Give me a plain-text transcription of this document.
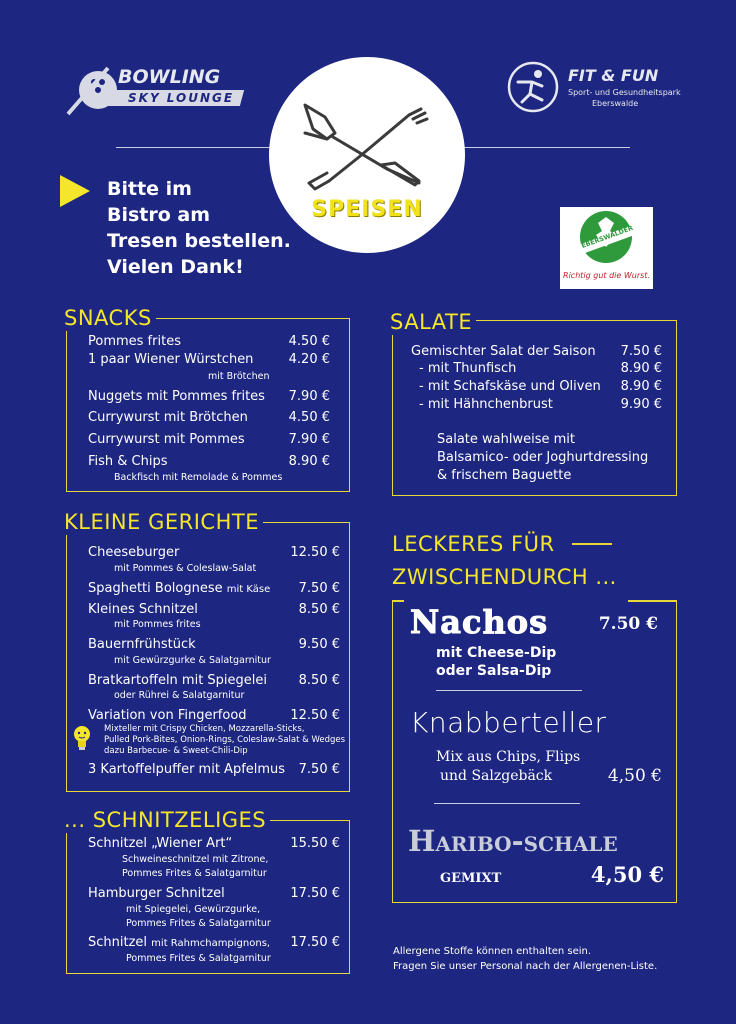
BOWLING
SKY LOUNGE
FIT & FUN
Sport- und Gesundheitspark
Eberswalde
SPEISEN
Bitte im
Bistro am
Tresen bestellen.
Vielen Dank!
EBERSWALDER
Richtig gut die Wurst.
SNACKS
Pommes frites	4.50 €
1 paar Wiener Würstchen	4.20 €
mit Brötchen
Nuggets mit Pommes frites	7.90 €
Currywurst mit Brötchen	4.50 €
Currywurst mit Pommes	7.90 €
Fish & Chips	8.90 €
Backfisch mit Remolade & Pommes
SALATE
Gemischter Salat der Saison	7.50 €
- mit Thunfisch	8.90 €
- mit Schafskäse und Oliven	8.90 €
- mit Hähnchenbrust	9.90 €
Salate wahlweise mit
Balsamico- oder Joghurtdressing
& frischem Baguette
KLEINE GERICHTE
Cheeseburger	12.50 €
mit Pommes & Coleslaw-Salat
Spaghetti Bolognese mit Käse	7.50 €
Kleines Schnitzel	8.50 €
mit Pommes frites
Bauernfrühstück	9.50 €
mit Gewürzgurke & Salatgarnitur
Bratkartoffeln mit Spiegelei	8.50 €
oder Rührei & Salatgarnitur
Variation von Fingerfood	12.50 €
Mixteller mit Crispy Chicken, Mozzarella-Sticks,
Pulled Pork-Bites, Onion-Rings, Coleslaw-Salat & Wedges
dazu Barbecue- & Sweet-Chili-Dip
3 Kartoffelpuffer mit Apfelmus	7.50 €
LECKERES FÜR
ZWISCHENDURCH ...
Nachos	7.50 €
mit Cheese-Dip
oder Salsa-Dip
Knabberteller
Mix aus Chips, Flips
und Salzgebäck	4,50 €
Haribo-schale
gemixt	4,50 €
... SCHNITZELIGES
Schnitzel „Wiener Art“	15.50 €
Schweineschnitzel mit Zitrone,
Pommes Frites & Salatgarnitur
Hamburger Schnitzel	17.50 €
mit Spiegelei, Gewürzgurke,
Pommes Frites & Salatgarnitur
Schnitzel mit Rahmchampignons,	17.50 €
Pommes Frites & Salatgarnitur
Allergene Stoffe können enthalten sein.
Fragen Sie unser Personal nach der Allergenen-Liste.
